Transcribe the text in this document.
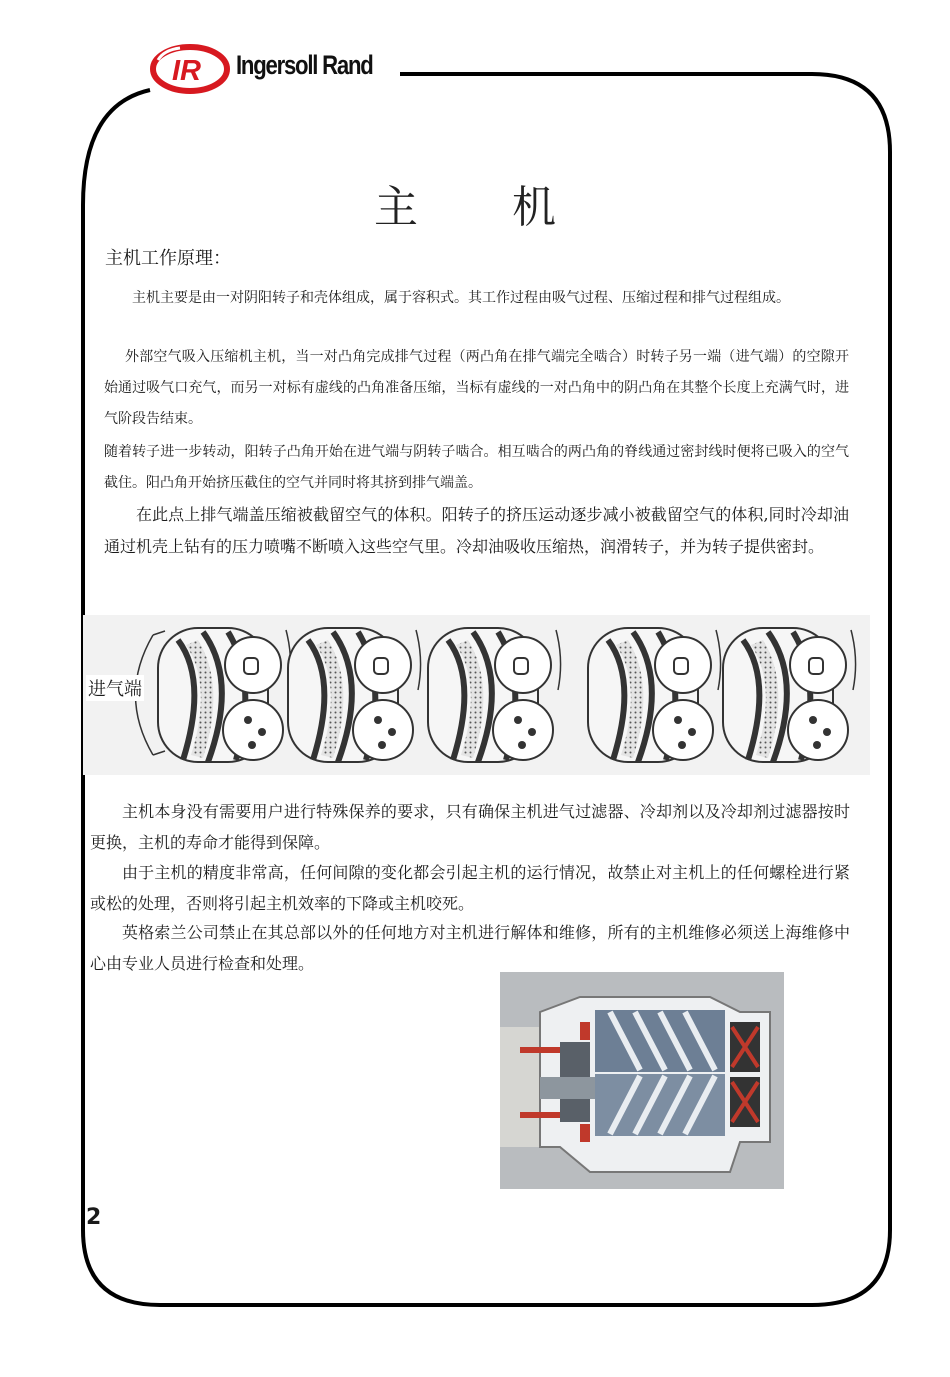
IR Ingersoll Rand
主 机

主机工作原理：

主机主要是由一对阴阳转子和壳体组成，属于容积式。其工作过程由吸气过程、压缩过程和排气过程组成。

外部空气吸入压缩机主机，当一对凸角完成排气过程（两凸角在排气端完全啮合）时转子另一端（进气端）的空隙开始通过吸气口充气，而另一对标有虚线的凸角准备压缩，当标有虚线的一对凸角中的阴凸角在其整个长度上充满气时，进气阶段告结束。

随着转子进一步转动，阳转子凸角开始在进气端与阴转子啮合。相互啮合的两凸角的脊线通过密封线时便将已吸入的空气截住。阳凸角开始挤压截住的空气并同时将其挤到排气端盖。

在此点上排气端盖压缩被截留空气的体积。阳转子的挤压运动逐步减小被截留空气的体积,同时冷却油通过机壳上钻有的压力喷嘴不断喷入这些空气里。冷却油吸收压缩热，润滑转子，并为转子提供密封。

进气端

主机本身没有需要用户进行特殊保养的要求，只有确保主机进气过滤器、冷却剂以及冷却剂过滤器按时更换，主机的寿命才能得到保障。

由于主机的精度非常高，任何间隙的变化都会引起主机的运行情况，故禁止对主机上的任何螺栓进行紧或松的处理，否则将引起主机效率的下降或主机咬死。

英格索兰公司禁止在其总部以外的任何地方对主机进行解体和维修，所有的主机维修必须送上海维修中心由专业人员进行检查和处理。

2
